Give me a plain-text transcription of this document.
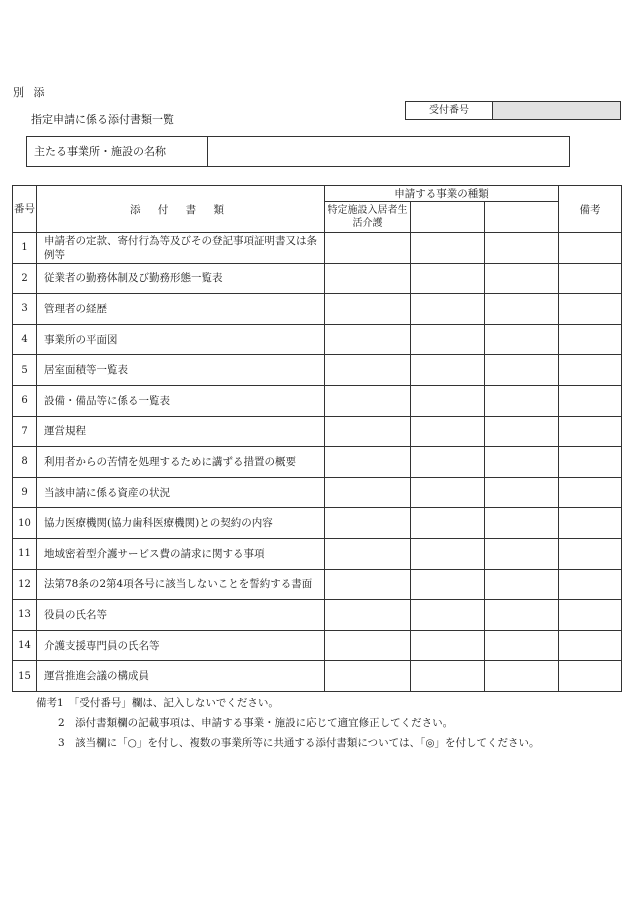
別 添
指定申請に係る添付書類一覧
受付番号
主たる事業所・施設の名称
番号	添 付 書 類	申請する事業の種類			備考
		特定施設入居者生活介護			
1	申請者の定款、寄付行為等及びその登記事項証明書又は条例等				
2	従業者の勤務体制及び勤務形態一覧表				
3	管理者の経歴				
4	事業所の平面図				
5	居室面積等一覧表				
6	設備・備品等に係る一覧表				
7	運営規程				
8	利用者からの苦情を処理するために講ずる措置の概要				
9	当該申請に係る資産の状況				
10	協力医療機関(協力歯科医療機関)との契約の内容				
11	地域密着型介護サービス費の請求に関する事項				
12	法第78条の2第4項各号に該当しないことを誓約する書面				
13	役員の氏名等				
14	介護支援専門員の氏名等				
15	運営推進会議の構成員				
備考1　「受付番号」欄は、記入しないでください。
2　添付書類欄の記載事項は、申請する事業・施設に応じて適宜修正してください。
3　該当欄に「○」を付し、複数の事業所等に共通する添付書類については、「◎」を付してください。
